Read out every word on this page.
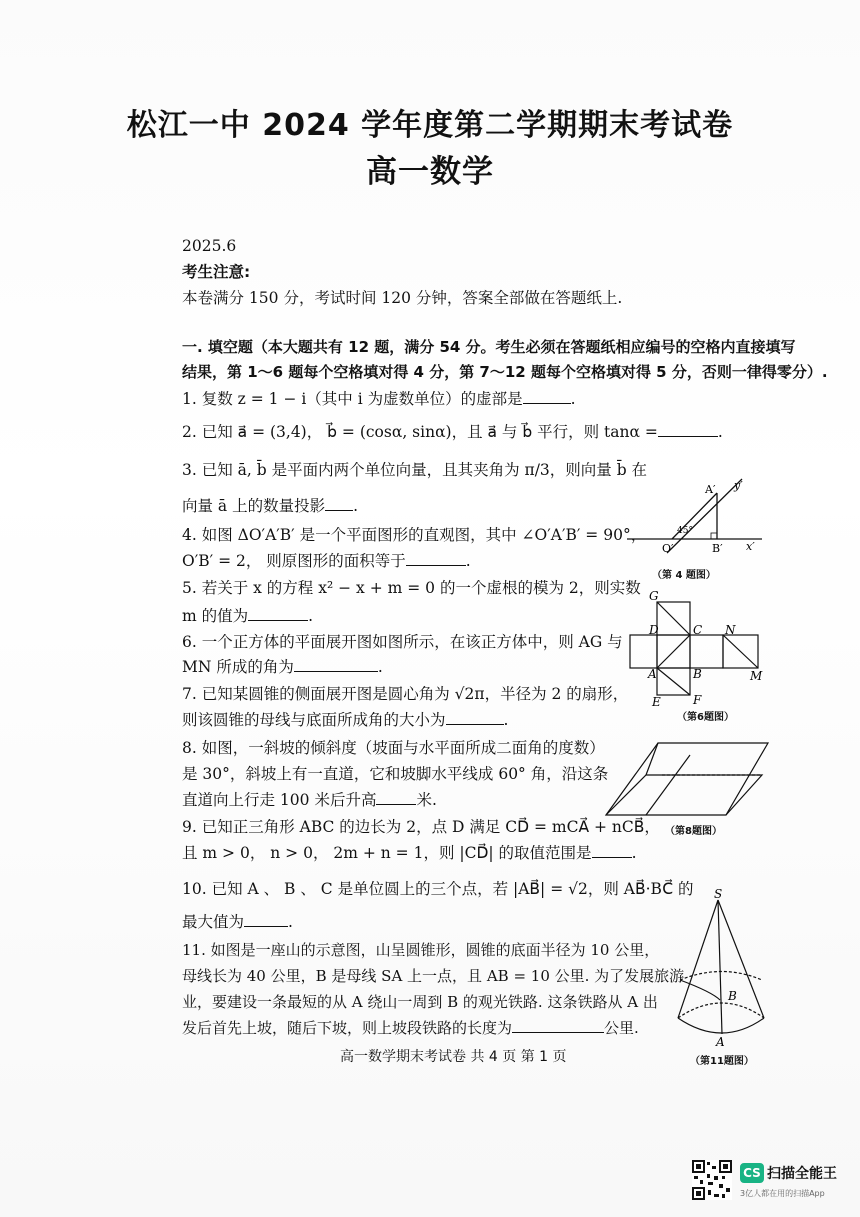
松江一中 2024 学年度第二学期期末考试卷
高一数学
2025.6
考生注意:
本卷满分 150 分，考试时间 120 分钟，答案全部做在答题纸上.
一. 填空题（本大题共有 12 题，满分 54 分。考生必须在答题纸相应编号的空格内直接填写
结果，第 1～6 题每个空格填对得 4 分，第 7～12 题每个空格填对得 5 分，否则一律得零分）.
1. 复数 z = 1 − i（其中 i 为虚数单位）的虚部是	.
2. 已知 a⃗ = (3,4)， b⃗ = (cosα, sinα)，且 a⃗ 与 b⃗ 平行，则 tanα =	.
3. 已知 ā, b̄ 是平面内两个单位向量，且其夹角为 π/3，则向量 b̄ 在
向量 ā 上的数量投影 .
4. 如图 ΔO′A′B′ 是一个平面图形的直观图，其中 ∠O′A′B′ = 90°，
O′B′ = 2， 则原图形的面积等于	.
5. 若关于 x 的方程 x² − x + m = 0 的一个虚根的模为 2，则实数
m 的值为	.
6. 一个正方体的平面展开图如图所示，在该正方体中，则 AG 与
MN 所成的角为	.
7. 已知某圆锥的侧面展开图是圆心角为 √2π，半径为 2 的扇形，
则该圆锥的母线与底面所成角的大小为	.
8. 如图，一斜坡的倾斜度（坡面与水平面所成二面角的度数）
是 30°，斜坡上有一直道，它和坡脚水平线成 60° 角，沿这条
直道向上行走 100 米后升高	米.
9. 已知正三角形 ABC 的边长为 2，点 D 满足 CD⃗ = mCA⃗ + nCB⃗，
且 m > 0， n > 0， 2m + n = 1，则 |CD⃗| 的取值范围是	.
10. 已知 A 、 B 、 C 是单位圆上的三个点，若 |AB⃗| = √2，则 AB⃗·BC⃗ 的
最大值为	.
11. 如图是一座山的示意图，山呈圆锥形，圆锥的底面半径为 10 公里，
母线长为 40 公里，B 是母线 SA 上一点，且 AB = 10 公里. 为了发展旅游
业，要建设一条最短的从 A 绕山一周到 B 的观光铁路. 这条铁路从 A 出
发后首先上坡，随后下坡，则上坡段铁路的长度为	公里.
A′ y′
45°
O′	B′ x′
（第 4 题图）
G
D	C N
A	B	M
E	F
（第6题图）
（第8题图）
S
B
A
（第11题图）
高一数学期末考试卷 共 4 页 第 1 页
CS 扫描全能王
3亿人都在用的扫描App
